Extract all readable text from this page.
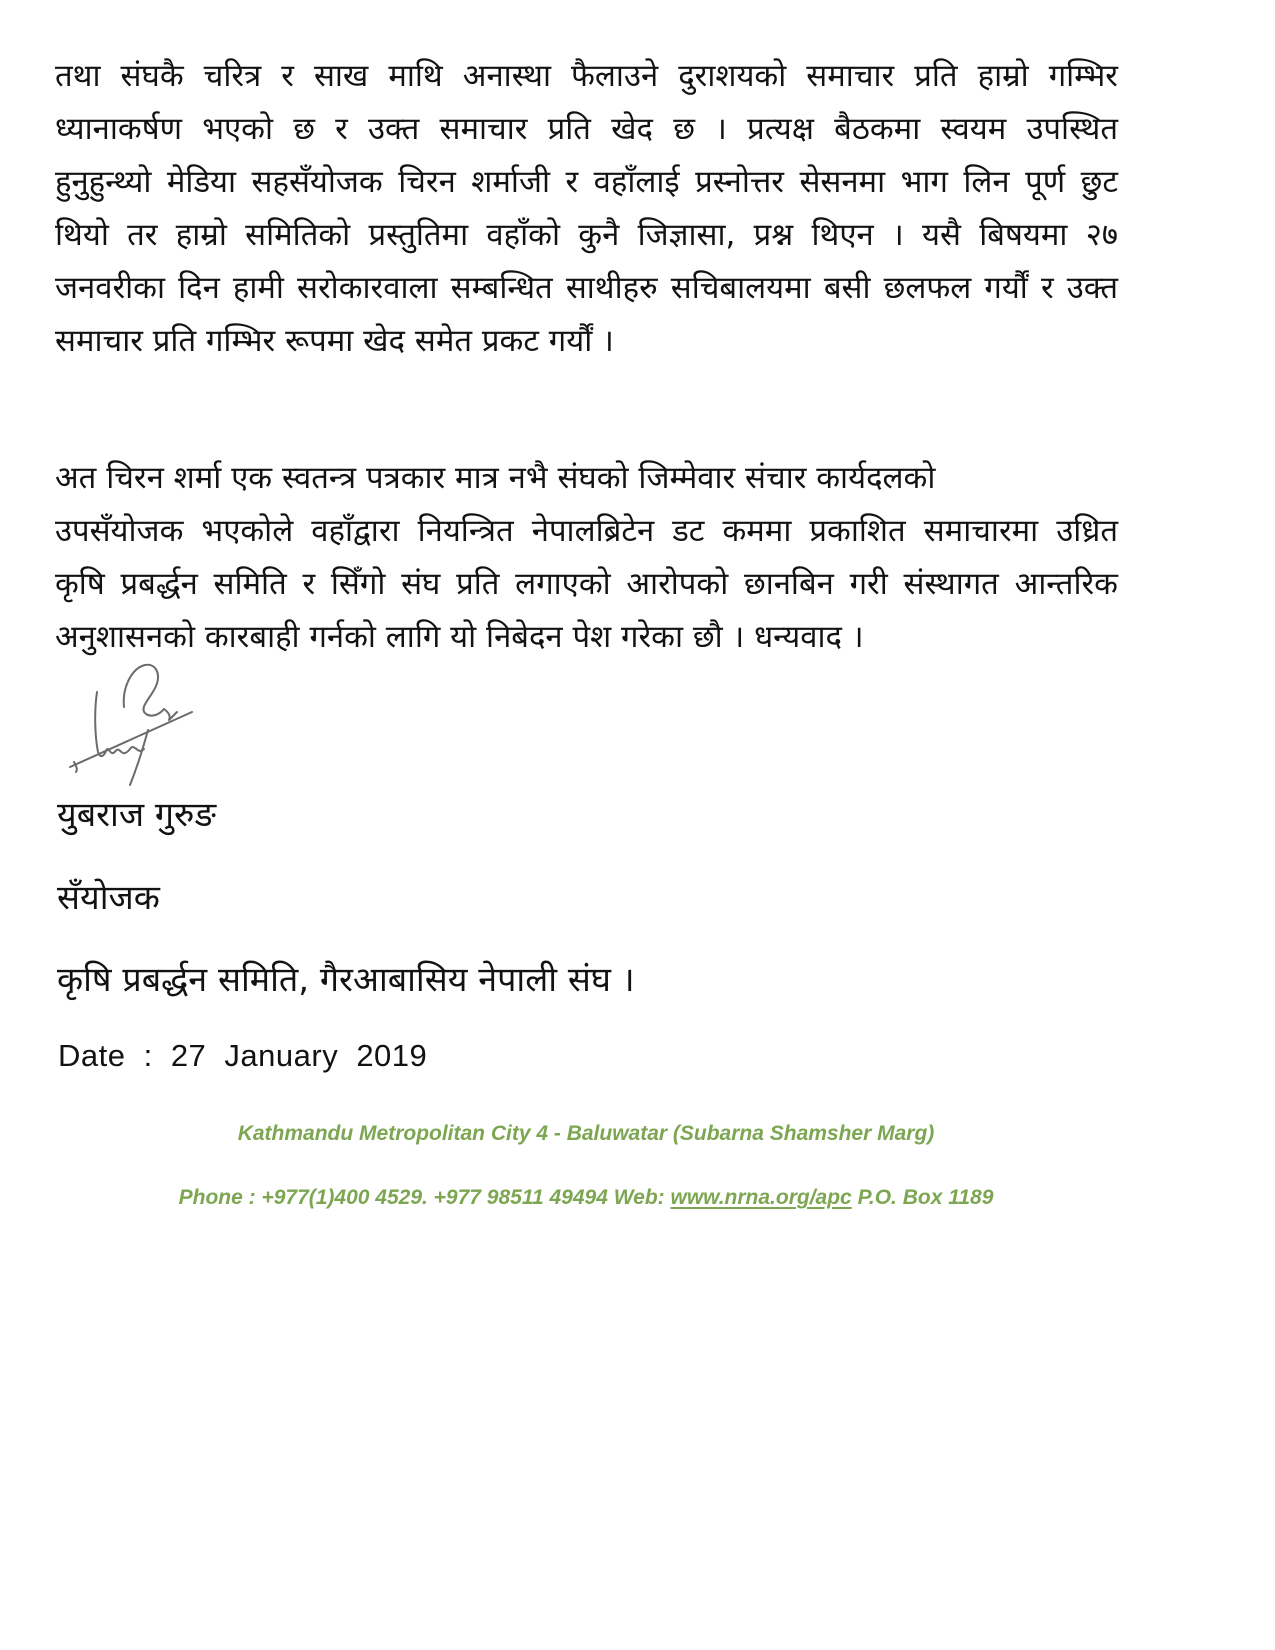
तथा संघकै चरित्र र साख माथि अनास्था फैलाउने दुराशयको समाचार प्रति हाम्रो गम्भिर
ध्यानाकर्षण भएको छ र उक्त समाचार प्रति खेद छ । प्रत्यक्ष बैठकमा स्वयम उपस्थित
हुनुहुन्थ्यो मेडिया सहसँयोजक चिरन शर्माजी र वहाँलाई प्रस्नोत्तर सेसनमा भाग लिन पूर्ण छुट
थियो तर हाम्रो समितिको प्रस्तुतिमा वहाँको कुनै जिज्ञासा, प्रश्न थिएन । यसै बिषयमा २७
जनवरीका दिन हामी सरोकारवाला सम्बन्धित साथीहरु सचिबालयमा बसी छलफल गर्यौं र उक्त
समाचार प्रति गम्भिर रूपमा खेद समेत प्रकट गर्यौं ।
अत चिरन शर्मा एक स्वतन्त्र पत्रकार मात्र नभै संघको जिम्मेवार संचार कार्यदलको
उपसँयोजक भएकोले वहाँद्वारा नियन्त्रित नेपालब्रिटेन डट कममा प्रकाशित समाचारमा उध्रित
कृषि प्रबर्द्धन समिति र सिँगो संघ प्रति लगाएको आरोपको छानबिन गरी संस्थागत आन्तरिक
अनुशासनको कारबाही गर्नको लागि यो निबेदन पेश गरेका छौ । धन्यवाद ।
युबराज गुरुङ
सँयोजक
कृषि प्रबर्द्धन समिति, गैरआबासिय नेपाली संघ ।
Date : 27 January 2019
Kathmandu Metropolitan City 4 - Baluwatar (Subarna Shamsher Marg)
Phone : +977(1)400 4529. +977 98511 49494 Web: www.nrna.org/apc P.O. Box 1189
